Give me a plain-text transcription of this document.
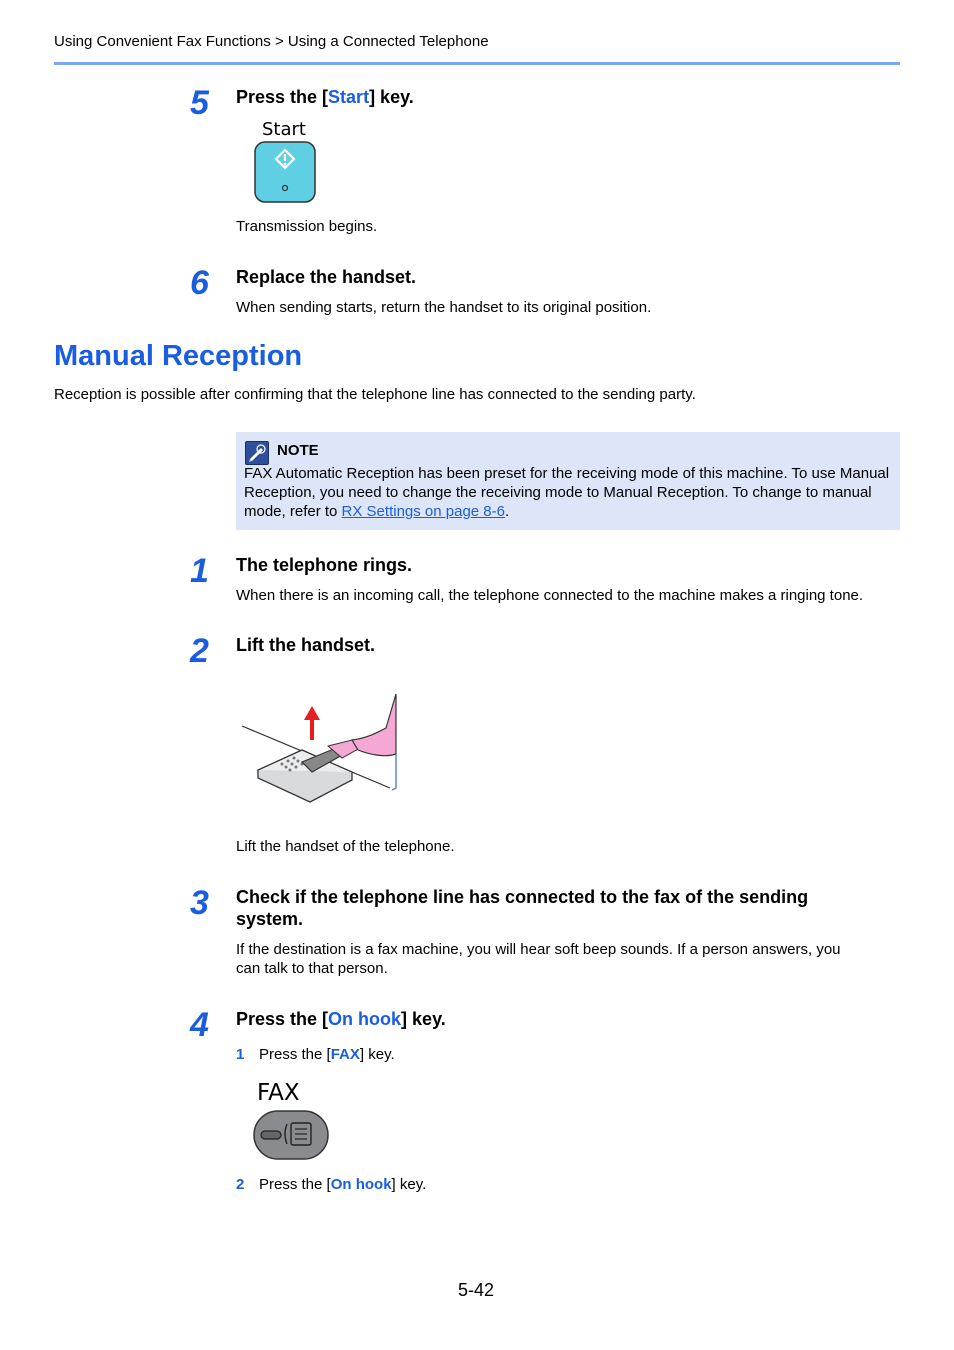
Using Convenient Fax Functions > Using a Connected Telephone
5	Press the [Start] key.
Start
Transmission begins.
6	Replace the handset.
When sending starts, return the handset to its original position.
Manual Reception
Reception is possible after confirming that the telephone line has connected to the sending party.
NOTE
FAX Automatic Reception has been preset for the receiving mode of this machine. To use Manual Reception, you need to change the receiving mode to Manual Reception. To change to manual mode, refer to RX Settings on page 8-6.
1	The telephone rings.
When there is an incoming call, the telephone connected to the machine makes a ringing tone.
2	Lift the handset.
Lift the handset of the telephone.
3	Check if the telephone line has connected to the fax of the sending
system.
If the destination is a fax machine, you will hear soft beep sounds. If a person answers, you
can talk to that person.
4	Press the [On hook] key.
1 Press the [FAX] key.
FAX
2 Press the [On hook] key.
5-42
